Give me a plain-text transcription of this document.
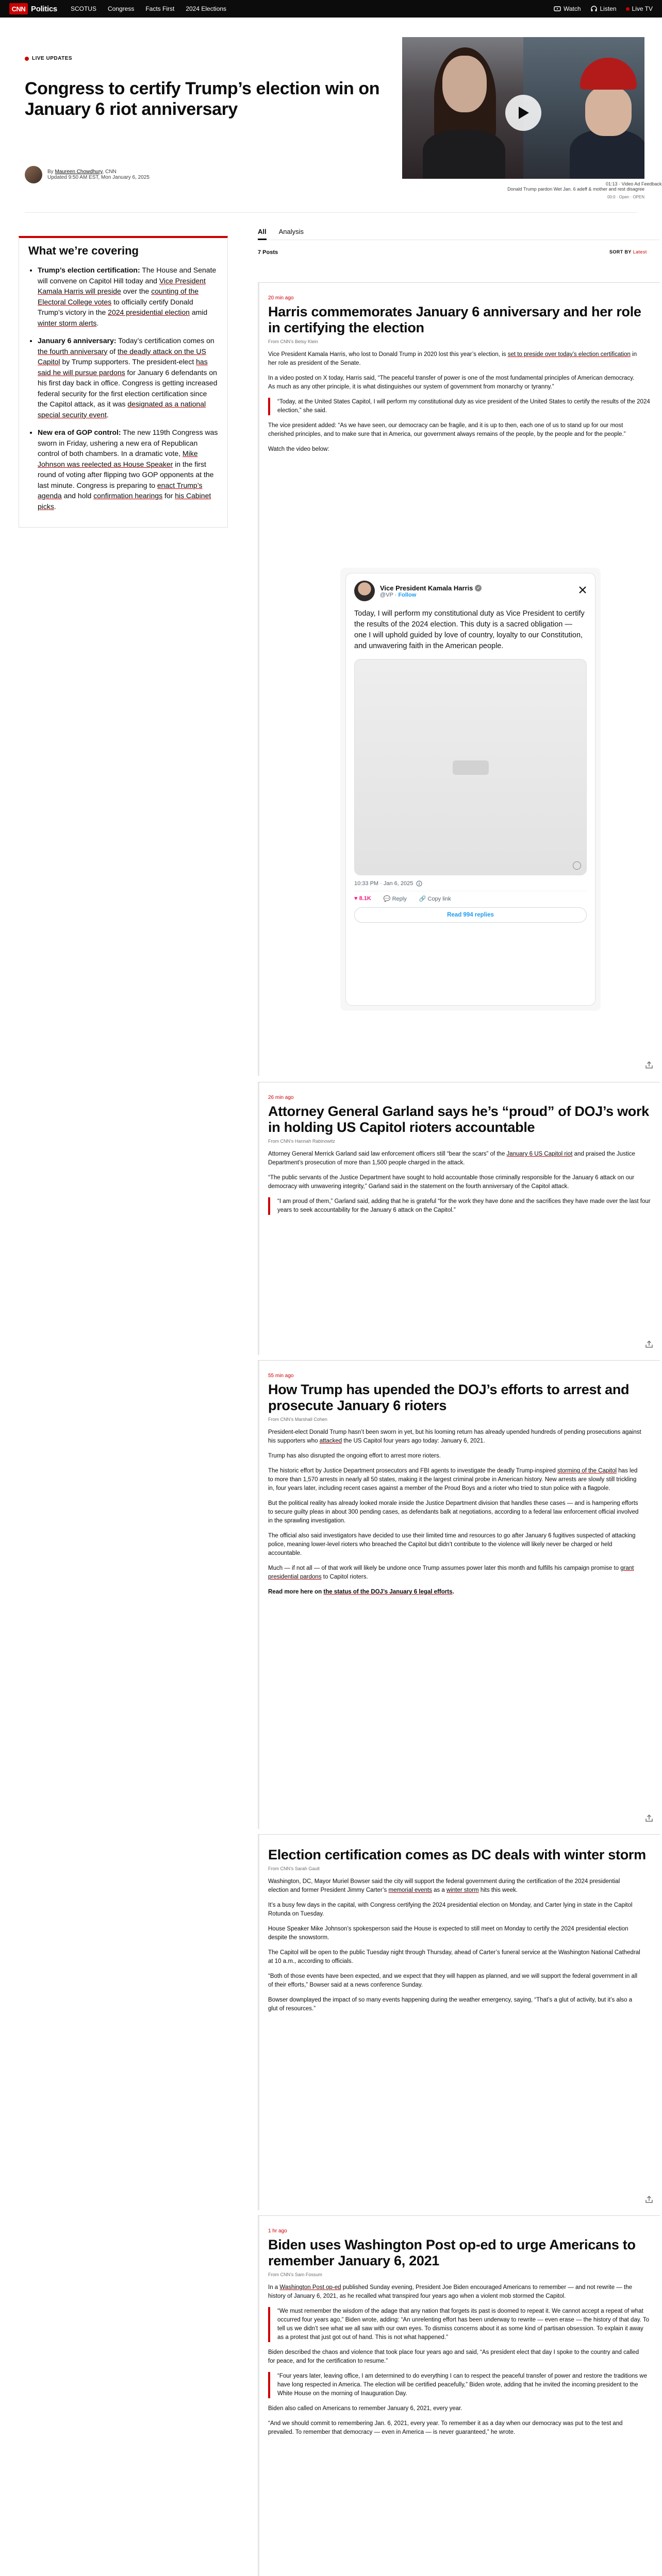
CNN Politics SCOTUS Congress Facts First 2024 Elections	Watch	Listen	Live TV
LIVE UPDATES
Congress to certify Trump’s election win on January 6 riot anniversary
By Maureen Chowdhury, CNN
Updated 9:50 AM EST, Mon January 6, 2025
01:13 · Video Ad Feedback
Donald Trump pardon Wet Jan. 6 adeff & mother and rest disagree
00:0 · Open · OPEN
What we’re covering
• Trump’s election certification: The House and Senate will convene on Capitol Hill today and Vice President Kamala Harris will preside over the counting of the Electoral College votes to officially certify Donald Trump’s victory in the 2024 presidential election amid winter storm alerts.
• January 6 anniversary: Today’s certification comes on the fourth anniversary of the deadly attack on the US Capitol by Trump supporters. The president-elect has said he will pursue pardons for January 6 defendants on his first day back in office. Congress is getting increased federal security for the first election certification since the Capitol attack, as it was designated as a national special security event.
• New era of GOP control: The new 119th Congress was sworn in Friday, ushering a new era of Republican control of both chambers. In a dramatic vote, Mike Johnson was reelected as House Speaker in the first round of voting after flipping two GOP opponents at the last minute. Congress is preparing to enact Trump’s agenda and hold confirmation hearings for his Cabinet picks.
All Analysis
7 Posts	SORT BY Latest
20 min ago
Harris commemorates January 6 anniversary and her role in certifying the election
From CNN’s Betsy Klein

Vice President Kamala Harris, who lost to Donald Trump in 2020 lost this year’s election, is set to preside over today’s election certification in her role as president of the Senate.

In a video posted on X today, Harris said, “The peaceful transfer of power is one of the most fundamental principles of American democracy. As much as any other principle, it is what distinguishes our system of government from monarchy or tyranny.”

“Today, at the United States Capitol, I will perform my constitutional duty as vice president of the United States to certify the results of the 2024 election,” she said.

The vice president added: “As we have seen, our democracy can be fragile, and it is up to then, each one of us to stand up for our most cherished principles, and to make sure that in America, our government always remains of the people, by the people and for the people.”

Watch the video below:

26 min ago
Attorney General Garland says he’s “proud” of DOJ’s work in holding US Capitol rioters accountable
From CNN’s Hannah Rabinowitz

Attorney General Merrick Garland said law enforcement officers still “bear the scars” of the January 6 US Capitol riot and praised the Justice Department’s prosecution of more than 1,500 people charged in the attack.

“The public servants of the Justice Department have sought to hold accountable those criminally responsible for the January 6 attack on our democracy with unwavering integrity,” Garland said in the statement on the fourth anniversary of the Capitol attack.

“I am proud of them,” Garland said, adding that he is grateful “for the work they have done and the sacrifices they have made over the last four years to seek accountability for the January 6 attack on the Capitol.”

55 min ago
How Trump has upended the DOJ’s efforts to arrest and prosecute January 6 rioters
From CNN’s Marshall Cohen

President-elect Donald Trump hasn’t been sworn in yet, but his looming return has already upended hundreds of pending prosecutions against his supporters who attacked the US Capitol four years ago today: January 6, 2021.

Trump has also disrupted the ongoing effort to arrest more rioters.

The historic effort by Justice Department prosecutors and FBI agents to investigate the deadly Trump-inspired storming of the Capitol has led to more than 1,570 arrests in nearly all 50 states, making it the largest criminal probe in American history. New arrests are slowly still trickling in, four years later, including recent cases against a member of the Proud Boys and a rioter who tried to stun police with a flagpole.

But the political reality has already looked morale inside the Justice Department division that handles these cases — and is hampering efforts to secure guilty pleas in about 300 pending cases, as defendants balk at negotiations, according to a federal law enforcement official involved in the sprawling investigation.

The official also said investigators have decided to use their limited time and resources to go after January 6 fugitives suspected of attacking police, meaning lower-level rioters who breached the Capitol but didn’t contribute to the violence will likely never be charged or held accountable.

Much — if not all — of that work will likely be undone once Trump assumes power later this month and fulfills his campaign promise to grant presidential pardons to Capitol rioters.

Read more here on the status of the DOJ’s January 6 legal efforts.

Election certification comes as DC deals with winter storm
From CNN’s Sarah Gault

Washington, DC, Mayor Muriel Bowser said the city will support the federal government during the certification of the 2024 presidential election and former President Jimmy Carter’s memorial events as a winter storm hits this week.

It’s a busy few days in the capital, with Congress certifying the 2024 presidential election on Monday, and Carter lying in state in the Capitol Rotunda on Tuesday.

House Speaker Mike Johnson’s spokesperson said the House is expected to still meet on Monday to certify the 2024 presidential election despite the snowstorm.

The Capitol will be open to the public Tuesday night through Thursday, ahead of Carter’s funeral service at the Washington National Cathedral at 10 a.m., according to officials.

“Both of those events have been expected, and we expect that they will happen as planned, and we will support the federal government in all of their efforts,” Bowser said at a news conference Sunday.

Bowser downplayed the impact of so many events happening during the weather emergency, saying, “That’s a glut of activity, but it’s also a glut of resources.”

1 hr ago
Biden uses Washington Post op-ed to urge Americans to remember January 6, 2021
From CNN’s Sam Fossum

In a Washington Post op-ed published Sunday evening, President Joe Biden encouraged Americans to remember — and not rewrite — the history of January 6, 2021, as he recalled what transpired four years ago when a violent mob stormed the Capitol.

“We must remember the wisdom of the adage that any nation that forgets its past is doomed to repeat it. We cannot accept a repeat of what occurred four years ago,” Biden wrote, adding: “An unrelenting effort has been underway to rewrite — even erase — the history of that day. To tell us we didn’t see what we all saw with our own eyes. To dismiss concerns about it as some kind of partisan obsession. To explain it away as a protest that just got out of hand. This is not what happened.”

Biden described the chaos and violence that took place four years ago and said, “As president elect that day I spoke to the country and called for peace, and for the certification to resume.”

“Four years later, leaving office, I am determined to do everything I can to respect the peaceful transfer of power and restore the traditions we have long respected in America. The election will be certified peacefully,” Biden wrote, adding that he invited the incoming president to the White House on the morning of Inauguration Day.

Biden also called on Americans to remember January 6, 2021, every year.

“And we should commit to remembering Jan. 6, 2021, every year. To remember it as a day when our democracy was put to the test and prevailed. To remember that democracy — even in America — is never guaranteed,” he wrote.

Vice President Kamala Harris ✓
@VP · Follow
Today, I will perform my constitutional duty as Vice President to certify the results of the 2024 election. This duty is a sacred obligation — one I will uphold guided by love of country, loyalty to our Constitution, and unwavering faith in the American people.
10:33 PM · Jan 6, 2025
♥ 8.1K 💬 Reply 🔗 Copy link
Read 994 replies
